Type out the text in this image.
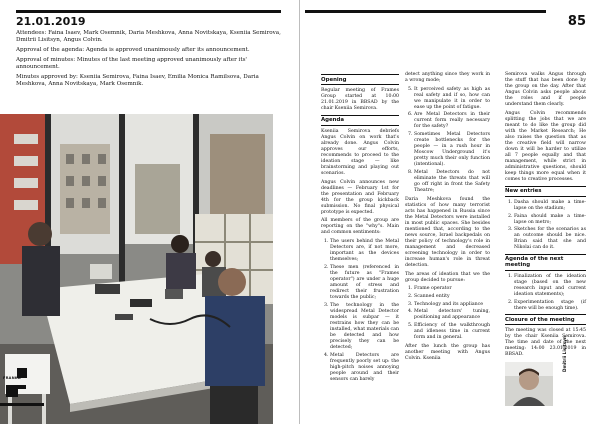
21.01.2019

Attendees: Faina Isaev, Mark Osemnik, Daria Meshkova, Anna Novitskaya, Kseniia Semirova, Dmitrii Lisitsyn, Angus Colvin.

Approval of the agenda: Agenda is approved unanimously after its announcement.

Approval of minutes: Minutes of the last meeting approved unanimously after its' announcement.

Minutes approved by: Kseniia Semirova, Faina Isaev, Emilia Monica Ramilsova, Daria Meshkova, Anna Novitskaya, Mark Osemnik.

FRANKA
85
Opening

Regular meeting of Frames Group started at 10:00 21.01.2019 in BBSAD by the chair Kseniia Semirova.

Agenda

Kseniia Semirova debriefs Angus Colvin on work that's already done. Angus Colvin approves our efforts, recommends to proceed to the ideation stage — like brainstorming and playing out scenarios.

Angus Colvin announces new deadlines — February 1st for the presentation and February 4th for the group kickback submission. No final physical prototype is expected.

All members of the group are reporting on the "why"s. Main and common sentiments:

1. The users behind the Metal Detectors are, if not more, important as the devices themselves;
2. These men (referenced in the future as "Frames operator") are under a huge amount of stress and redirect their frustration towards the public;
3. The technology in the widespread Metal Detector models is subpar — it restrains how they can be installed, what materials can be detected and how precisely they can be detected;
4. Metal Detectors are frequently poorly set up: the high-pitch noises annoying people around and their sensors can barely

detect anything since they work in a wrong mode;

5. It perceived safety as high as real safety and if so, how can we manipulate it in order to ease up the point of fatigue.
6. Are Metal Detectors in their current form really necessary for the safety?
7. Sometimes Metal Detectors create bottlenecks for the people — in a rush hour in Moscow Underground it's pretty much their only function (intentional).
8. Metal Detectors do not eliminate the threats that will go off right in front the Safety Theatre;

Daria Meshkova found the statistics of how many terrorist acts has happened in Russia since the Metal Detectors were installed in most public spaces. She besides mentioned that, according to the news source, Israel backpedals on their policy of technology's role in management and decreased screening technology in order to increase human's role in threat detection.

The areas of ideation that we the group decided to pursue:

1. Frame operator
2. Scanned entity
3. Technology and its appliance
4. Metal detectors' tuning, positioning and appearance
5. Efficiency of the walkthrough and idleness time in current form and in general.

After the lunch the group has another meeting with Angus Colvin. Kseniia

Semirova walks Angus through the stuff that has been done by the group on the day. After that Angus Colvin asks people about the roles and if people understand them clearly.

Angus Colvin recommends splitting the jobs that we are meant to do like the group did with the Market Research; He also raises the question that as the creative field will narrow down it will be harder to utilize all 7 people equally and that management, while strict in administrative questions, should keep things more equal when it comes to creative processes.

New entries
1. Dasha should make a time-lapse on the stadium;
2. Faina should make a time-lapse on metro;
3. Sketches for the scenarios as an outcome should be nice. Brian said that she and Nikolai can do it.
Agenda of the next meeting
1. Finalization of the ideation stage (based on the new research input and current ideation statements);
2. Experimentation stage (if there will be enough time).
Closure of the meeting

The meeting was closed at 15:45 by the chair Kseniia Semirova. The time and date of the next meeting: 14:00 23.01.2019 in BBSAD.	Dmitrii Lisitsyn
